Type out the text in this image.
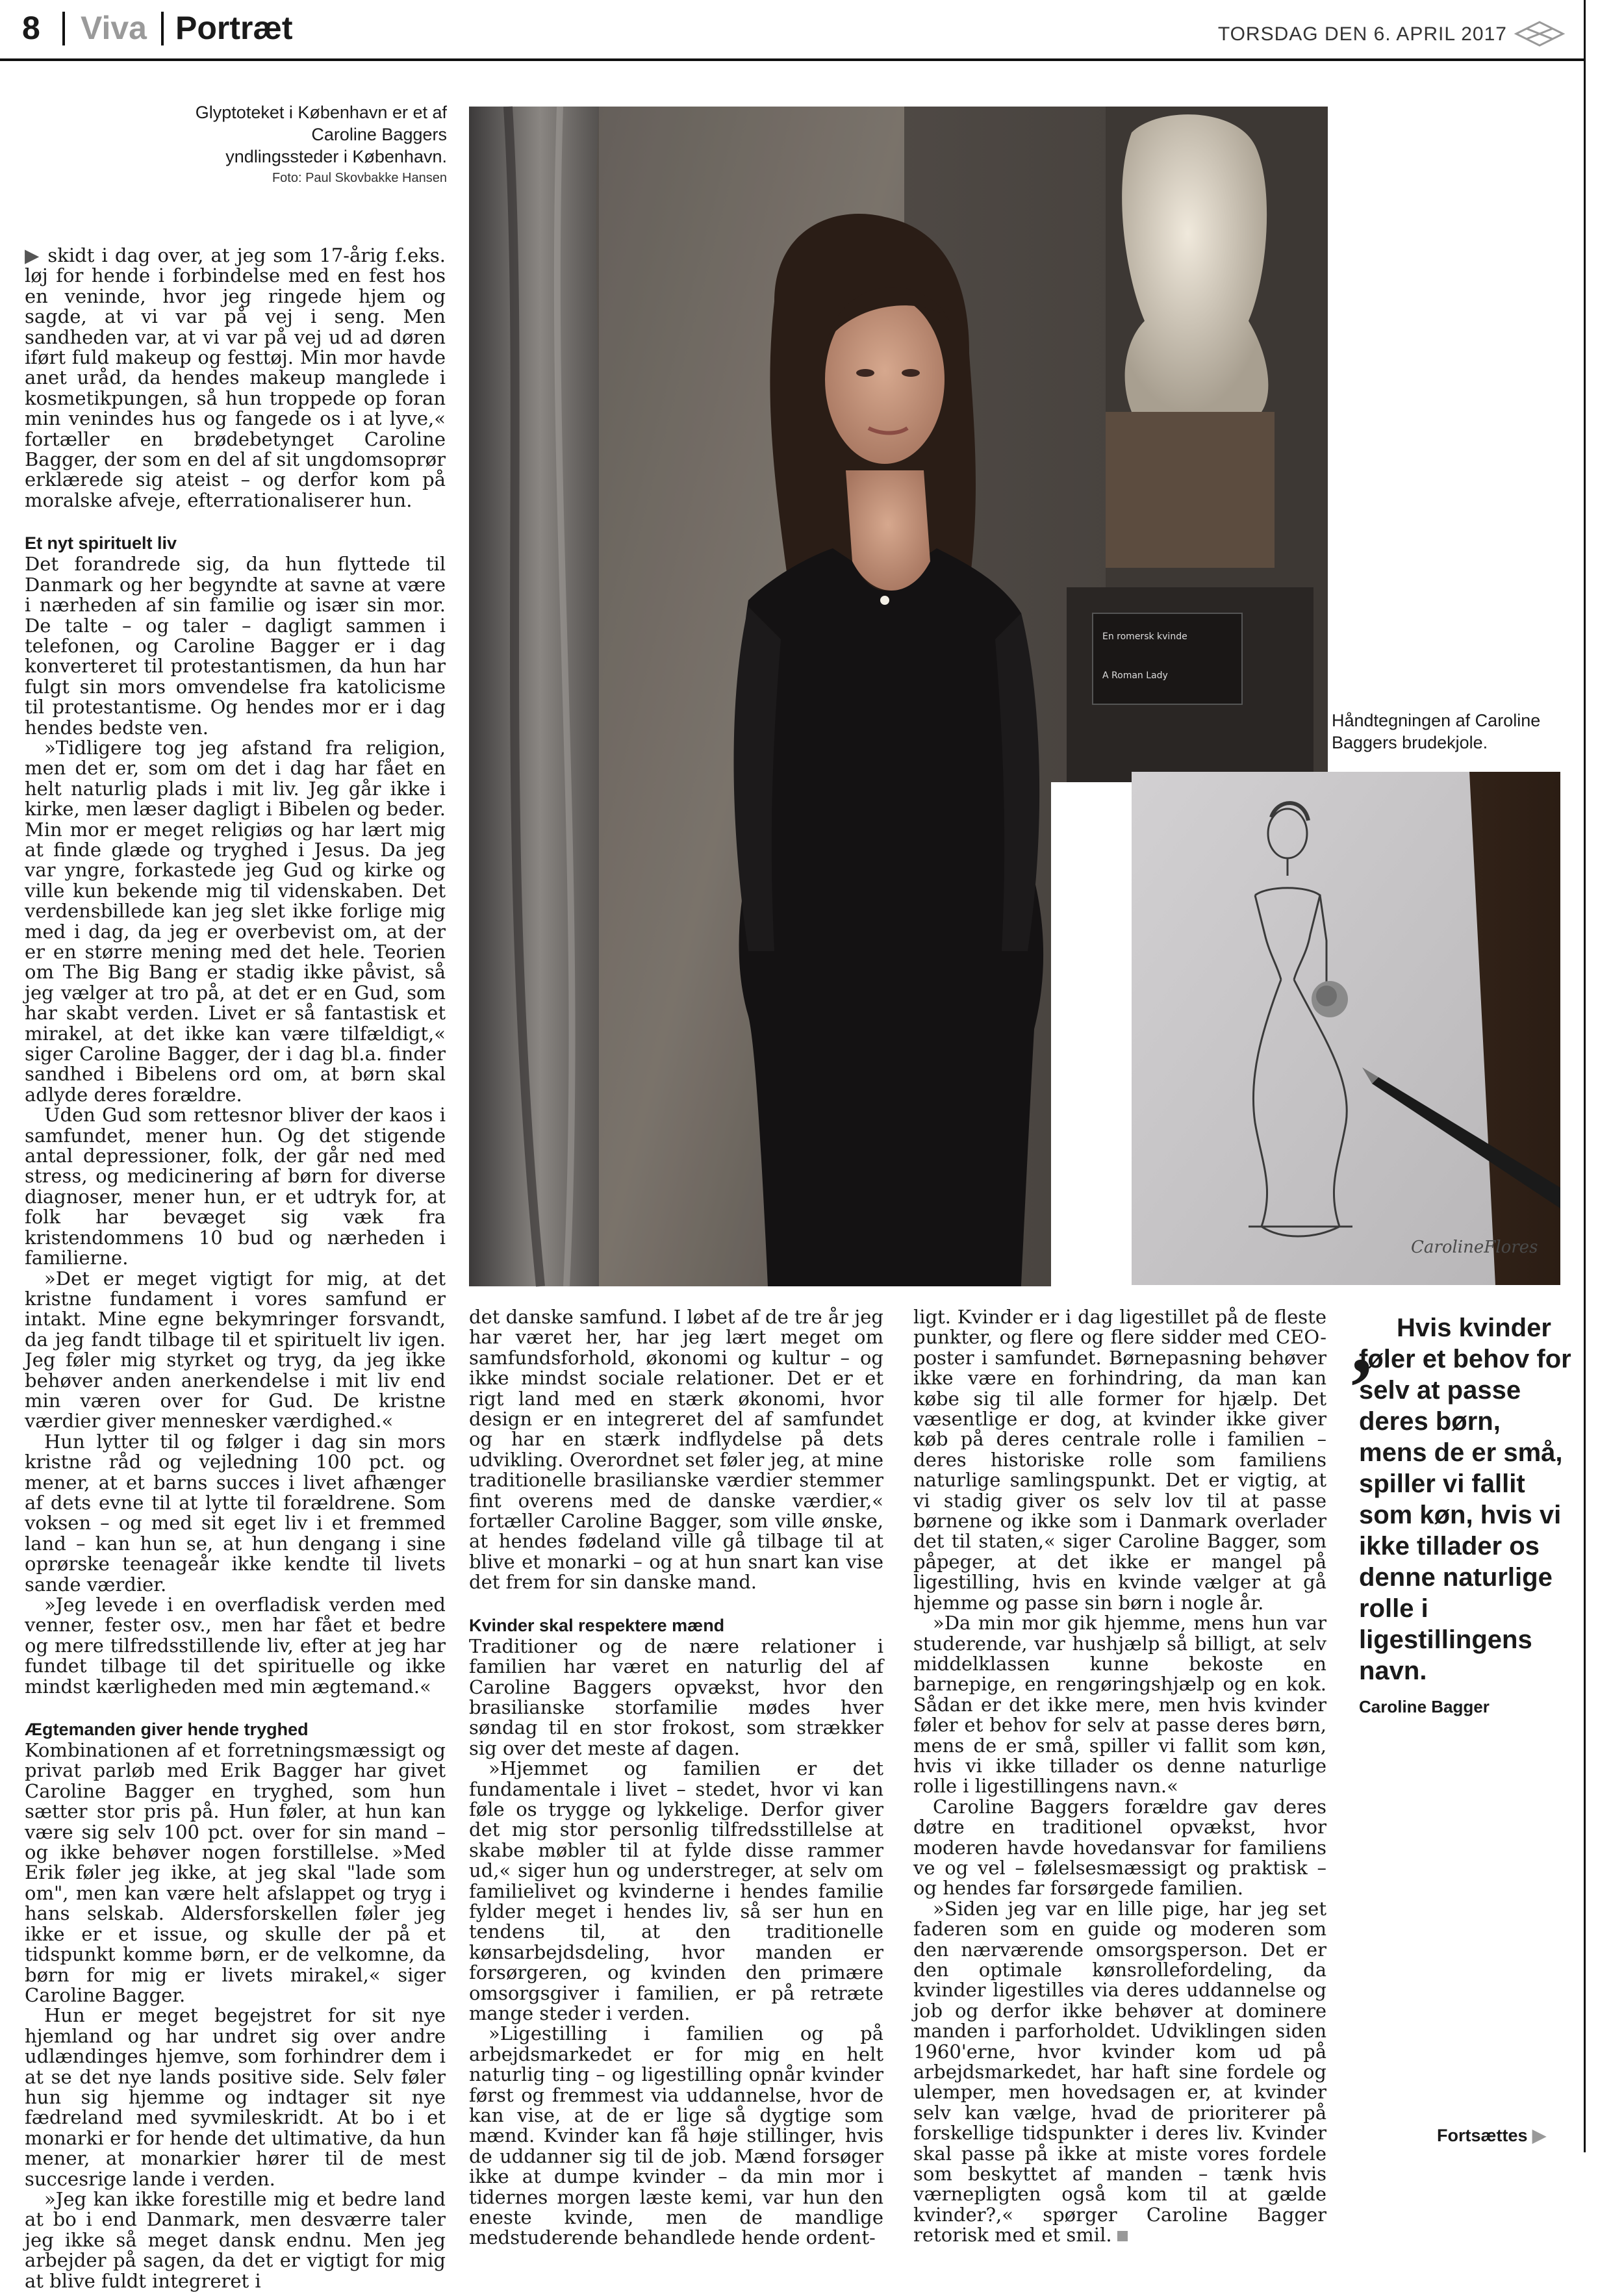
8 Viva Portræt	TORSDAG DEN 6. APRIL 2017
Glyptoteket i København er et af Caroline Baggers yndlingssteder i København.
Foto: Paul Skovbakke Hansen
En romersk kvinde
A Roman Lady
Håndtegningen af Caroline Baggers brudekjole.
CarolineFlores

▶ skidt i dag over, at jeg som 17-årig f.eks. løj for hende i forbindelse med en fest hos en veninde, hvor jeg ringede hjem og sagde, at vi var på vej i seng. Men sandheden var, at vi var på vej ud ad døren iført fuld makeup og festtøj. Min mor havde anet uråd, da hendes makeup manglede i kosmetikpungen, så hun troppede op foran min venindes hus og fangede os i at lyve,« fortæller en brødebetynget Caroline Bagger, der som en del af sit ungdomsoprør erklærede sig ateist – og derfor kom på moralske afveje, efterrationaliserer hun.

Et nyt spirituelt liv

Det forandrede sig, da hun flyttede til Danmark og her begyndte at savne at være i nærheden af sin familie og især sin mor. De talte – og taler – dagligt sammen i telefonen, og Caroline Bagger er i dag konverteret til protestantismen, da hun har fulgt sin mors omvendelse fra katolicisme til protestantisme. Og hendes mor er i dag hendes bedste ven.

»Tidligere tog jeg afstand fra religion, men det er, som om det i dag har fået en helt naturlig plads i mit liv. Jeg går ikke i kirke, men læser dagligt i Bibelen og beder. Min mor er meget religiøs og har lært mig at finde glæde og tryghed i Jesus. Da jeg var yngre, forkastede jeg Gud og kirke og ville kun bekende mig til videnskaben. Det verdensbillede kan jeg slet ikke forlige mig med i dag, da jeg er overbevist om, at der er en større mening med det hele. Teorien om The Big Bang er stadig ikke påvist, så jeg vælger at tro på, at det er en Gud, som har skabt verden. Livet er så fantastisk et mirakel, at det ikke kan være tilfældigt,« siger Caroline Bagger, der i dag bl.a. finder sandhed i Bibelens ord om, at børn skal adlyde deres forældre.

Uden Gud som rettesnor bliver der kaos i samfundet, mener hun. Og det stigende antal depressioner, folk, der går ned med stress, og medicinering af børn for diverse diagnoser, mener hun, er et udtryk for, at folk har bevæget sig væk fra kristendommens 10 bud og nærheden i familierne.

»Det er meget vigtigt for mig, at det kristne fundament i vores samfund er intakt. Mine egne bekymringer forsvandt, da jeg fandt tilbage til et spirituelt liv igen. Jeg føler mig styrket og tryg, da jeg ikke behøver anden anerkendelse i mit liv end min væren over for Gud. De kristne værdier giver mennesker værdighed.«

Hun lytter til og følger i dag sin mors kristne råd og vejledning 100 pct. og mener, at et barns succes i livet afhænger af dets evne til at lytte til forældrene. Som voksen – og med sit eget liv i et fremmed land – kan hun se, at hun dengang i sine oprørske teenageår ikke kendte til livets sande værdier.

»Jeg levede i en overfladisk verden med venner, fester osv., men har fået et bedre og mere tilfredsstillende liv, efter at jeg har fundet tilbage til det spirituelle og ikke mindst kærligheden med min ægtemand.«

Ægtemanden giver hende tryghed

Kombinationen af et forretningsmæssigt og privat parløb med Erik Bagger har givet Caroline Bagger en tryghed, som hun sætter stor pris på. Hun føler, at hun kan være sig selv 100 pct. over for sin mand – og ikke behøver nogen forstillelse. »Med Erik føler jeg ikke, at jeg skal "lade som om", men kan være helt afslappet og tryg i hans selskab. Aldersforskellen føler jeg ikke er et issue, og skulle der på et tidspunkt komme børn, er de velkomne, da børn for mig er livets mirakel,« siger Caroline Bagger.

Hun er meget begejstret for sit nye hjemland og har undret sig over andre udlændinges hjemve, som forhindrer dem i at se det nye lands positive side. Selv føler hun sig hjemme og indtager sit nye fædreland med syvmileskridt. At bo i et monarki er for hende det ultimative, da hun mener, at monarkier hører til de mest succesrige lande i verden.

»Jeg kan ikke forestille mig et bedre land at bo i end Danmark, men desværre taler jeg ikke så meget dansk endnu. Men jeg arbejder på sagen, da det er vigtigt for mig at blive fuldt integreret i

det danske samfund. I løbet af de tre år jeg har været her, har jeg lært meget om samfundsforhold, økonomi og kultur – og ikke mindst sociale relationer. Det er et rigt land med en stærk økonomi, hvor design er en integreret del af samfundet og har en stærk indflydelse på dets udvikling. Overordnet set føler jeg, at mine traditionelle brasilianske værdier stemmer fint overens med de danske værdier,« fortæller Caroline Bagger, som ville ønske, at hendes fødeland ville gå tilbage til at blive et monarki – og at hun snart kan vise det frem for sin danske mand.

Kvinder skal respektere mænd

Traditioner og de nære relationer i familien har været en naturlig del af Caroline Baggers opvækst, hvor den brasilianske storfamilie mødes hver søndag til en stor frokost, som strækker sig over det meste af dagen.

»Hjemmet og familien er det fundamentale i livet – stedet, hvor vi kan føle os trygge og lykkelige. Derfor giver det mig stor personlig tilfredsstillelse at skabe møbler til at fylde disse rammer ud,« siger hun og understreger, at selv om familielivet og kvinderne i hendes familie fylder meget i hendes liv, så ser hun en tendens til, at den traditionelle kønsarbejdsdeling, hvor manden er forsørgeren, og kvinden den primære omsorgsgiver i familien, er på retræte mange steder i verden.

»Ligestilling i familien og på arbejdsmarkedet er for mig en helt naturlig ting – og ligestilling opnår kvinder først og fremmest via uddannelse, hvor de kan vise, at de er lige så dygtige som mænd. Kvinder kan få høje stillinger, hvis de uddanner sig til de job. Mænd forsøger ikke at dumpe kvinder – da min mor i tidernes morgen læste kemi, var hun den eneste kvinde, men de mandlige medstuderende behandlede hende ordent-

ligt. Kvinder er i dag ligestillet på de fleste punkter, og flere og flere sidder med CEO-poster i samfundet. Børnepasning behøver ikke være en forhindring, da man kan købe sig til alle former for hjælp. Det væsentlige er dog, at kvinder ikke giver køb på deres centrale rolle i familien – deres historiske rolle som familiens naturlige samlingspunkt. Det er vigtig, at vi stadig giver os selv lov til at passe børnene og ikke som i Danmark overlader det til staten,« siger Caroline Bagger, som påpeger, at det ikke er mangel på ligestilling, hvis en kvinde vælger at gå hjemme og passe sin børn i nogle år.

»Da min mor gik hjemme, mens hun var studerende, var hushjælp så billigt, at selv middelklassen kunne bekoste en barnepige, en rengøringshjælp og en kok. Sådan er det ikke mere, men hvis kvinder føler et behov for selv at passe deres børn, mens de er små, spiller vi fallit som køn, hvis vi ikke tillader os denne naturlige rolle i ligestillingens navn.«

Caroline Baggers forældre gav deres døtre en traditionel opvækst, hvor moderen havde hovedansvar for familiens ve og vel – følelsesmæssigt og praktisk – og hendes far forsørgede familien.

»Siden jeg var en lille pige, har jeg set faderen som en guide og moderen som den nærværende omsorgsperson. Det er den optimale kønsrollefordeling, da kvinder ligestilles via deres uddannelse og job og derfor ikke behøver at dominere manden i parforholdet. Udviklingen siden 1960'erne, hvor kvinder kom ud på arbejdsmarkedet, har haft sine fordele og ulemper, men hovedsagen er, at kvinder selv kan vælge, hvad de prioriterer på forskellige tidspunkter i deres liv. Kvinder skal passe på ikke at miste vores fordele som beskyttet af manden – tænk hvis værnepligten også kom til at gælde kvinder?,« spørger Caroline Bagger retorisk med et smil.

, Hvis kvinder føler et behov for selv at passe deres børn, mens de er små, spiller vi fallit som køn, hvis vi ikke tillader os denne naturlige rolle i ligestillingens navn.
Caroline Bagger
Fortsættes ▶
